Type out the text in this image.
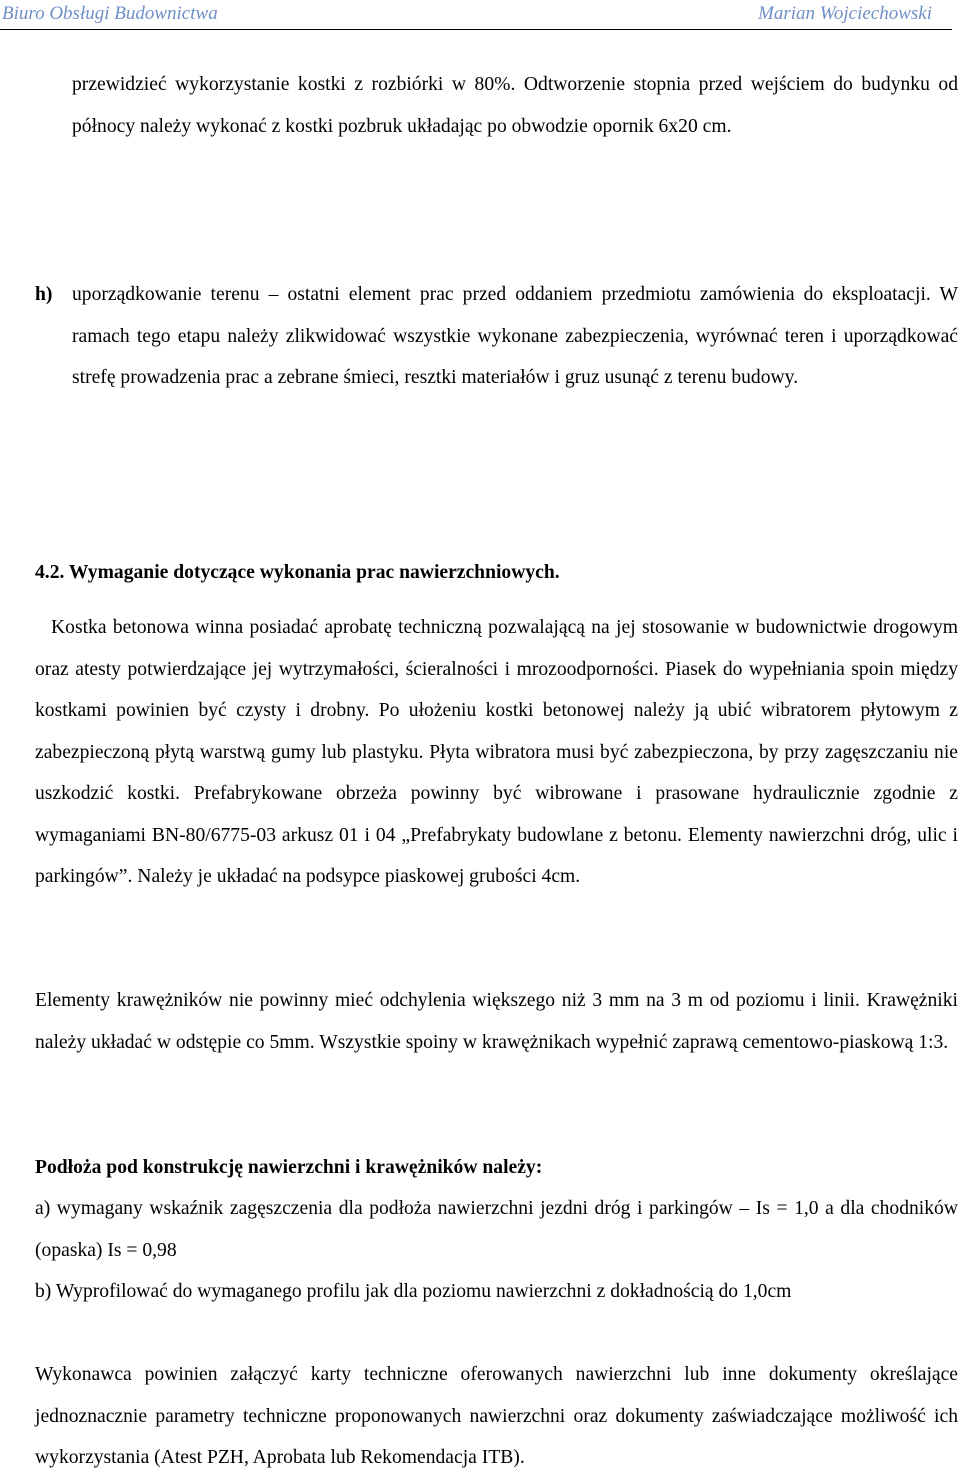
Biuro Obsługi Budownictwa	Marian Wojciechowski

przewidzieć wykorzystanie kostki z rozbiórki w 80%. Odtworzenie stopnia przed wejściem do budynku od północy należy wykonać z kostki pozbruk układając po obwodzie opornik 6x20 cm.

h) uporządkowanie terenu – ostatni element prac przed oddaniem przedmiotu zamówienia do eksploatacji. W ramach tego etapu należy zlikwidować wszystkie wykonane zabezpieczenia, wyrównać teren i uporządkować strefę prowadzenia prac a zebrane śmieci, resztki materiałów i gruz usunąć z terenu budowy.

4.2. Wymaganie dotyczące wykonania prac nawierzchniowych.

Kostka betonowa winna posiadać aprobatę techniczną pozwalającą na jej stosowanie w budownictwie drogowym oraz atesty potwierdzające jej wytrzymałości, ścieralności i mrozoodporności. Piasek do wypełniania spoin między kostkami powinien być czysty i drobny. Po ułożeniu kostki betonowej należy ją ubić wibratorem płytowym z zabezpieczoną płytą warstwą gumy lub plastyku. Płyta wibratora musi być zabezpieczona, by przy zagęszczaniu nie uszkodzić kostki. Prefabrykowane obrzeża powinny być wibrowane i prasowane hydraulicznie zgodnie z wymaganiami BN-80/6775-03 arkusz 01 i 04 „Prefabrykaty budowlane z betonu. Elementy nawierzchni dróg, ulic i parkingów”. Należy je układać na podsypce piaskowej grubości 4cm.

Elementy krawężników nie powinny mieć odchylenia większego niż 3 mm na 3 m od poziomu i linii. Krawężniki należy układać w odstępie co 5mm. Wszystkie spoiny w krawężnikach wypełnić zaprawą cementowo-piaskową 1:3.

Podłoża pod konstrukcję nawierzchni i krawężników należy:

a) wymagany wskaźnik zagęszczenia dla podłoża nawierzchni jezdni dróg i parkingów – Is = 1,0 a dla chodników (opaska) Is = 0,98

b) Wyprofilować do wymaganego profilu jak dla poziomu nawierzchni z dokładnością do 1,0cm

Wykonawca powinien załączyć karty techniczne oferowanych nawierzchni lub inne dokumenty określające jednoznacznie parametry techniczne proponowanych nawierzchni oraz dokumenty zaświadczające możliwość ich wykorzystania (Atest PZH, Aprobata lub Rekomendacja ITB).
